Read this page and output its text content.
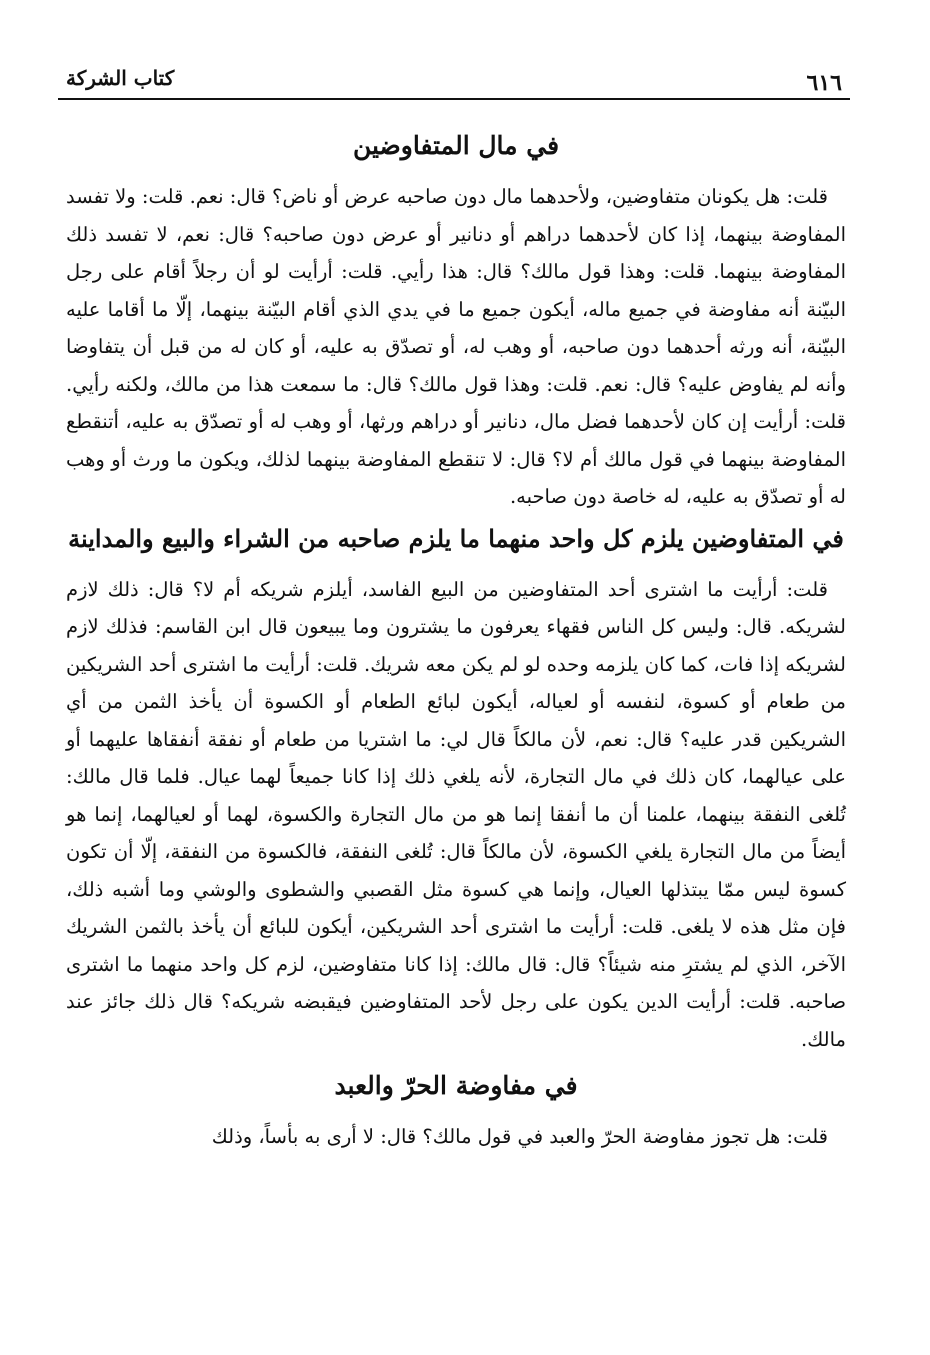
٦١٦
كتاب الشركة
في مال المتفاوضين

قلت: هل يكونان متفاوضين، ولأحدهما مال دون صاحبه عرض أو ناض؟ قال: نعم. قلت: ولا تفسد المفاوضة بينهما، إذا كان لأحدهما دراهم أو دنانير أو عرض دون صاحبه؟ قال: نعم، لا تفسد ذلك المفاوضة بينهما. قلت: وهذا قول مالك؟ قال: هذا رأيي. قلت: أرأيت لو أن رجلاً أقام على رجل البيّنة أنه مفاوضة في جميع ماله، أيكون جميع ما في يدي الذي أقام البيّنة بينهما، إلّا ما أقاما عليه البيّنة، أنه ورثه أحدهما دون صاحبه، أو وهب له، أو تصدّق به عليه، أو كان له من قبل أن يتفاوضا وأنه لم يفاوض عليه؟ قال: نعم. قلت: وهذا قول مالك؟ قال: ما سمعت هذا من مالك، ولكنه رأيي. قلت: أرأيت إن كان لأحدهما فضل مال، دنانير أو دراهم ورثها، أو وهب له أو تصدّق به عليه، أتنقطع المفاوضة بينهما في قول مالك أم لا؟ قال: لا تنقطع المفاوضة بينهما لذلك، ويكون ما ورث أو وهب له أو تصدّق به عليه، له خاصة دون صاحبه.

في المتفاوضين يلزم كل واحد منهما ما يلزم صاحبه من الشراء والبيع والمداينة

قلت: أرأيت ما اشترى أحد المتفاوضين من البيع الفاسد، أيلزم شريكه أم لا؟ قال: ذلك لازم لشريكه. قال: وليس كل الناس فقهاء يعرفون ما يشترون وما يبيعون قال ابن القاسم: فذلك لازم لشريكه إذا فات، كما كان يلزمه وحده لو لم يكن معه شريك. قلت: أرأيت ما اشترى أحد الشريكين من طعام أو كسوة، لنفسه أو لعياله، أيكون لبائع الطعام أو الكسوة أن يأخذ الثمن من أي الشريكين قدر عليه؟ قال: نعم، لأن مالكاً قال لي: ما اشتريا من طعام أو نفقة أنفقاها عليهما أو على عيالهما، كان ذلك في مال التجارة، لأنه يلغي ذلك إذا كانا جميعاً لهما عيال. فلما قال مالك: تُلغى النفقة بينهما، علمنا أن ما أنفقا إنما هو من مال التجارة والكسوة، لهما أو لعيالهما، إنما هو أيضاً من مال التجارة يلغي الكسوة، لأن مالكاً قال: تُلغى النفقة، فالكسوة من النفقة، إلّا أن تكون كسوة ليس ممّا يبتذلها العيال، وإنما هي كسوة مثل القصبي والشطوى والوشي وما أشبه ذلك، فإن مثل هذه لا يلغى. قلت: أرأيت ما اشترى أحد الشريكين، أيكون للبائع أن يأخذ بالثمن الشريك الآخر، الذي لم يشترِ منه شيئاً؟ قال: قال مالك: إذا كانا متفاوضين، لزم كل واحد منهما ما اشترى صاحبه. قلت: أرأيت الدين يكون على رجل لأحد المتفاوضين فيقبضه شريكه؟ قال ذلك جائز عند مالك.

في مفاوضة الحرّ والعبد

قلت: هل تجوز مفاوضة الحرّ والعبد في قول مالك؟ قال: لا أرى به بأساً، وذلك
